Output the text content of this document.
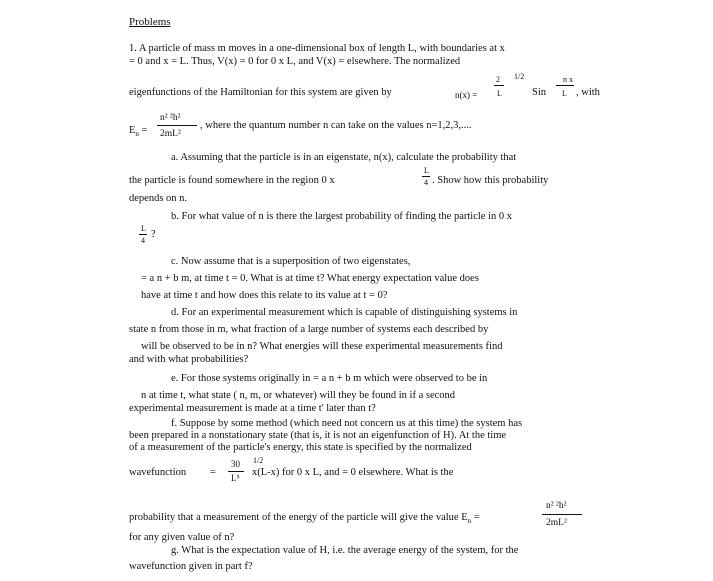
Problems
1. A particle of mass m moves in a one-dimensional box of length L, with boundaries at x
= 0 and x = L. Thus, V(x) = 0 for 0 x L, and V(x) = elsewhere. The normalized
2 1/2	n x
eigenfunctions of the Hamiltonian for this system are given by	n(x) = L	Sin L , with
n² ²h²
$E_n = 2mL^2$
, where the quantum number n can take on the values n=1,2,3,....
a. Assuming that the particle is in an eigenstate, n(x), calculate the probability that
L
the particle is found somewhere in the region 0 x	4 . Show how this probability
depends on n.
b. For what value of n is there the largest probability of finding the particle in 0 x
L
4
?
c. Now assume that is a superposition of two eigenstates,
= a n + b m, at time t = 0. What is at time t? What energy expectation value does
have at time t and how does this relate to its value at t = 0?
d. For an experimental measurement which is capable of distinguishing systems in
state n from those in m, what fraction of a large number of systems each described by
will be observed to be in n? What energies will these experimental measurements find
and with what probabilities?
e. For those systems originally in = a n + b m which were observed to be in
n at time t, what state ( n, m, or whatever) will they be found in if a second
experimental measurement is made at a time t' later than t?
f. Suppose by some method (which need not concern us at this time) the system has
been prepared in a nonstationary state (that is, it is not an eigenfunction of H). At the time
of a measurement of the particle's energy, this state is specified by the normalized
30 1/2
wavefunction = L⁵ x(L-x) for 0 x L, and = 0 elsewhere. What is the
n² ²h²
probability that a measurement of the energy of the particle will give the value $E_n$ =	2mL²
for any given value of n?
g. What is the expectation value of H, i.e. the average energy of the system, for the
wavefunction given in part f?
